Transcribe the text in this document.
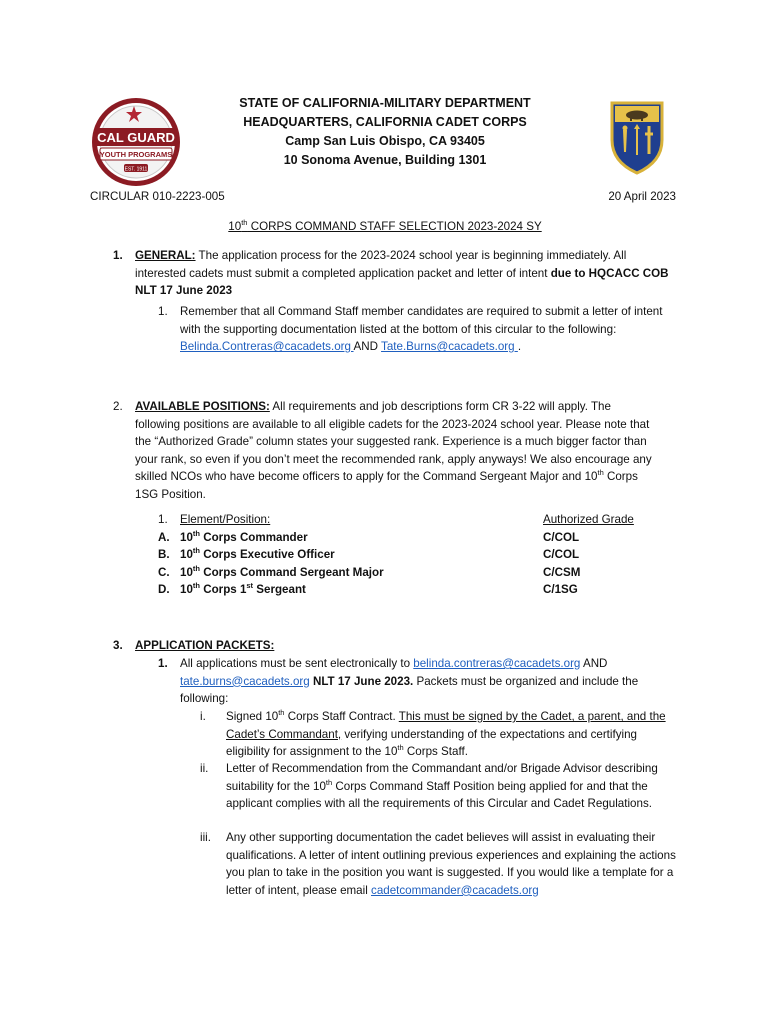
CAL GUARD
YOUTH PROGRAMS
EST. 1911
STATE OF CALIFORNIA-MILITARY DEPARTMENT
HEADQUARTERS, CALIFORNIA CADET CORPS
Camp San Luis Obispo, CA 93405
10 Sonoma Avenue, Building 1301
CIRCULAR 010-2223-005	20 April 2023
10th CORPS COMMAND STAFF SELECTION 2023-2024 SY
1.	GENERAL: The application process for the 2023-2024 school year is beginning immediately. All interested cadets must submit a completed application packet and letter of intent due to HQCACC COB NLT 17 June 2023
1.	Remember that all Command Staff member candidates are required to submit a letter of intent with the supporting documentation listed at the bottom of this circular to the following: Belinda.Contreras@cacadets.org AND Tate.Burns@cacadets.org .
2.	AVAILABLE POSITIONS: All requirements and job descriptions form CR 3-22 will apply. The following positions are available to all eligible cadets for the 2023-2024 school year. Please note that the “Authorized Grade” column states your suggested rank. Experience is a much bigger factor than your rank, so even if you don’t meet the recommended rank, apply anyways! We also encourage any skilled NCOs who have become officers to apply for the Command Sergeant Major and 10th Corps 1SG Position.
1.	Element/Position:	Authorized Grade
A. 10th Corps Commander	C/COL
B. 10th Corps Executive Officer	C/COL
C. 10th Corps Command Sergeant Major	C/CSM
D. 10th Corps 1st Sergeant	C/1SG
3.	APPLICATION PACKETS:
1.	All applications must be sent electronically to belinda.contreras@cacadets.org AND tate.burns@cacadets.org NLT 17 June 2023. Packets must be organized and include the following:
i.	Signed 10th Corps Staff Contract. This must be signed by the Cadet, a parent, and the Cadet’s Commandant, verifying understanding of the expectations and certifying eligibility for assignment to the 10th Corps Staff.
ii.	Letter of Recommendation from the Commandant and/or Brigade Advisor describing suitability for the 10th Corps Command Staff Position being applied for and that the applicant complies with all the requirements of this Circular and Cadet Regulations.
iii.	Any other supporting documentation the cadet believes will assist in evaluating their qualifications. A letter of intent outlining previous experiences and explaining the actions you plan to take in the position you want is suggested. If you would like a template for a letter of intent, please email cadetcommander@cacadets.org
